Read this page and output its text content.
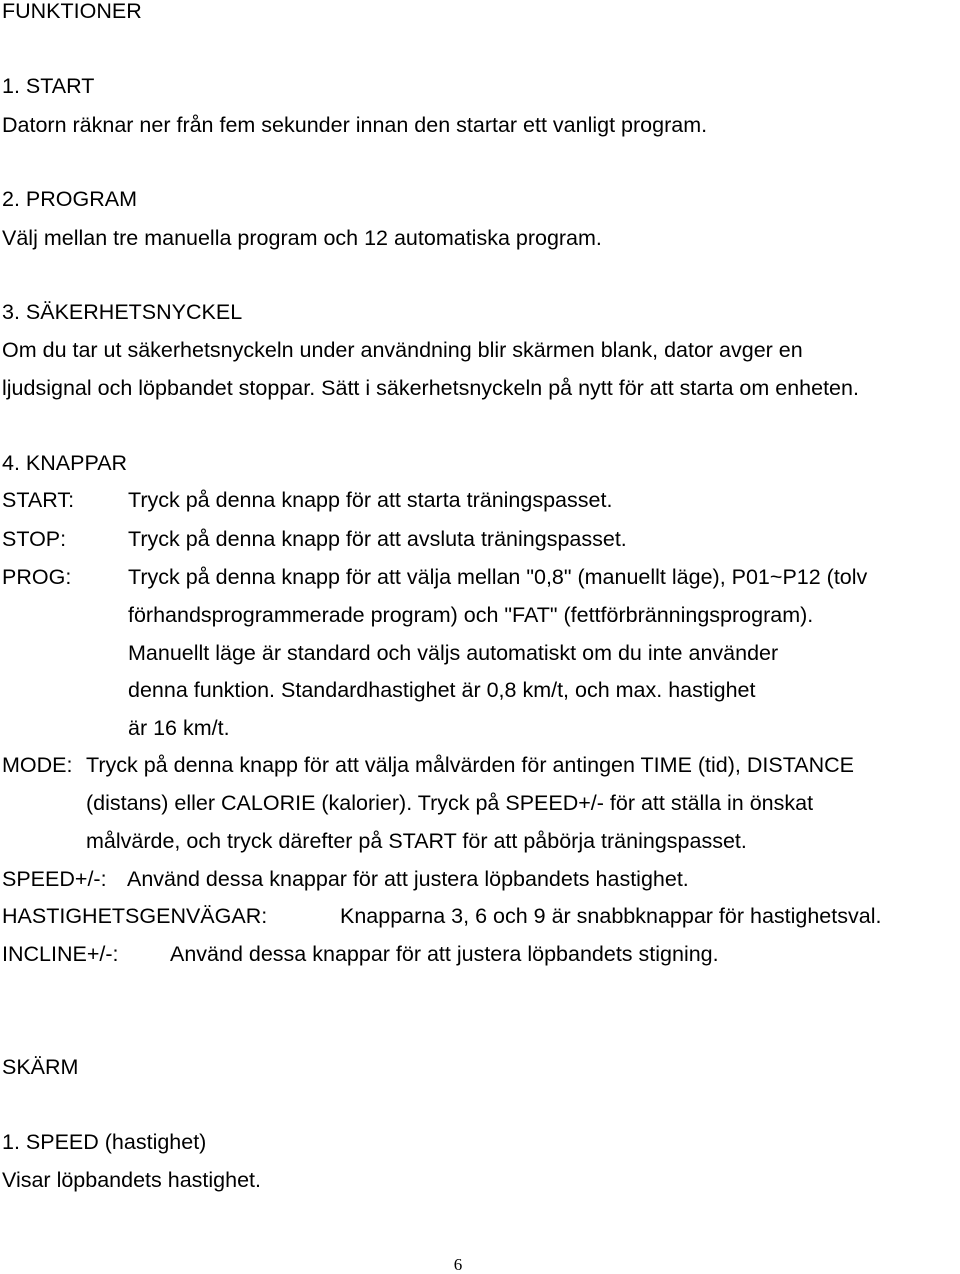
FUNKTIONER
1. START
Datorn räknar ner från fem sekunder innan den startar ett vanligt program.
2. PROGRAM
Välj mellan tre manuella program och 12 automatiska program.
3. SÄKERHETSNYCKEL
Om du tar ut säkerhetsnyckeln under användning blir skärmen blank, dator avger en
ljudsignal och löpbandet stoppar. Sätt i säkerhetsnyckeln på nytt för att starta om enheten.
4. KNAPPAR
START:	Tryck på denna knapp för att starta träningspasset.
STOP:	Tryck på denna knapp för att avsluta träningspasset.
PROG:	Tryck på denna knapp för att välja mellan "0,8" (manuellt läge), P01~P12 (tolv
förhandsprogrammerade program) och "FAT" (fettförbränningsprogram).
Manuellt läge är standard och väljs automatiskt om du inte använder
denna funktion. Standardhastighet är 0,8 km/t, och max. hastighet
är 16 km/t.
MODE: Tryck på denna knapp för att välja målvärden för antingen TIME (tid), DISTANCE
(distans) eller CALORIE (kalorier). Tryck på SPEED+/- för att ställa in önskat
målvärde, och tryck därefter på START för att påbörja träningspasset.
SPEED+/-: Använd dessa knappar för att justera löpbandets hastighet.
HASTIGHETSGENVÄGAR:	Knapparna 3, 6 och 9 är snabbknappar för hastighetsval.
INCLINE+/-: Använd dessa knappar för att justera löpbandets stigning.
SKÄRM
1. SPEED (hastighet)
Visar löpbandets hastighet.
6
